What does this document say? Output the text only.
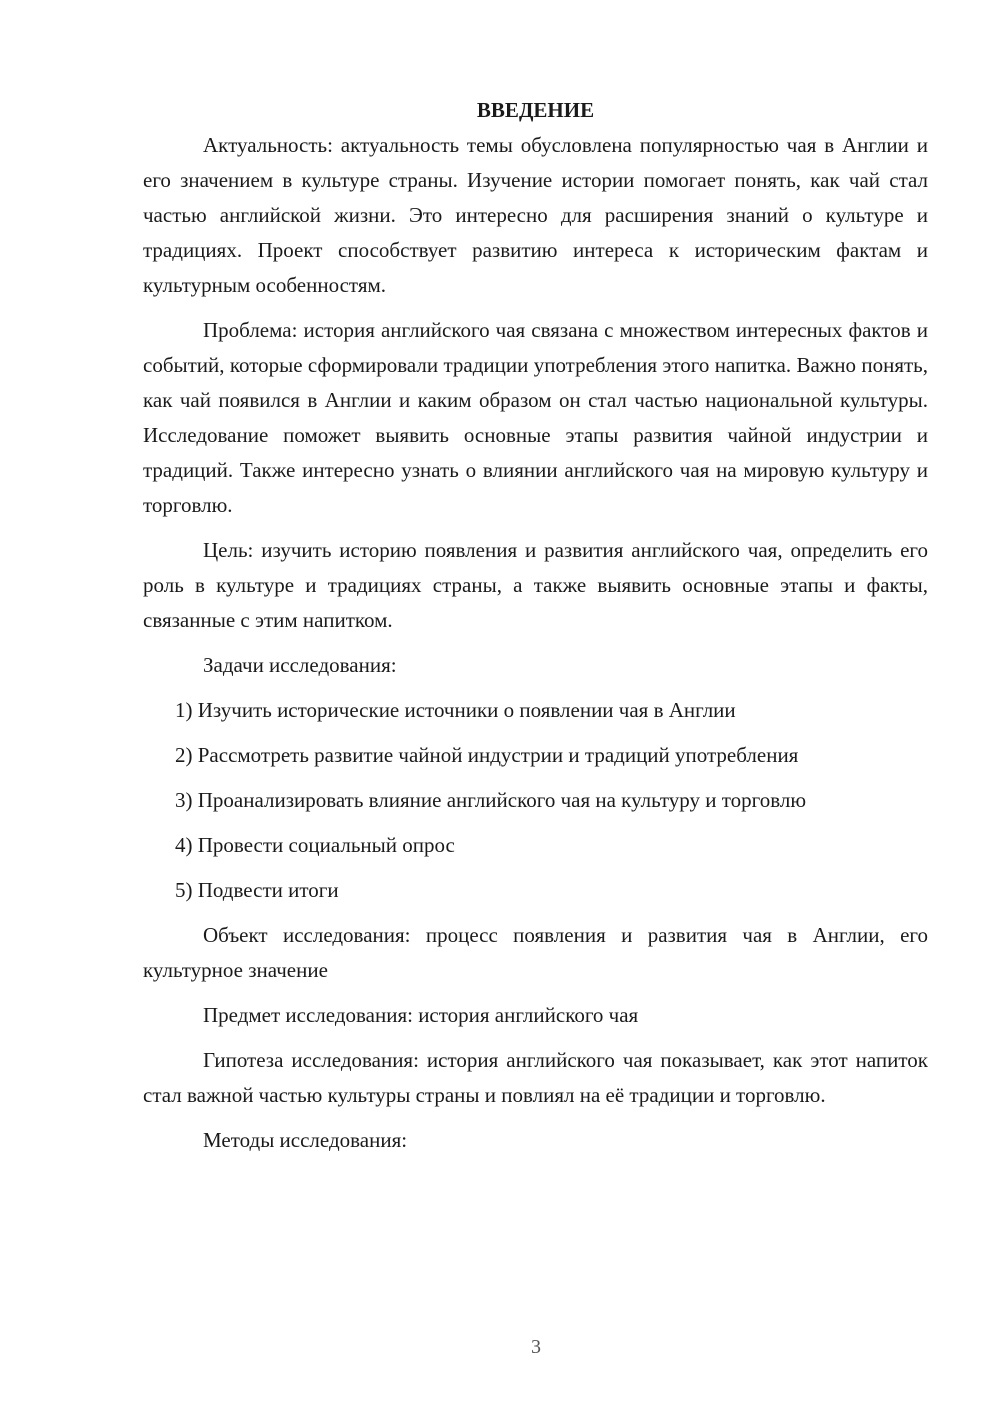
ВВЕДЕНИЕ

Актуальность: актуальность темы обусловлена популярностью чая в Англии и его значением в культуре страны. Изучение истории помогает понять, как чай стал частью английской жизни. Это интересно для расширения знаний о культуре и традициях. Проект способствует развитию интереса к историческим фактам и культурным особенностям.

Проблема: история английского чая связана с множеством интересных фактов и событий, которые сформировали традиции употребления этого напитка. Важно понять, как чай появился в Англии и каким образом он стал частью национальной культуры. Исследование поможет выявить основные этапы развития чайной индустрии и традиций. Также интересно узнать о влиянии английского чая на мировую культуру и торговлю.

Цель: изучить историю появления и развития английского чая, определить его роль в культуре и традициях страны, а также выявить основные этапы и факты, связанные с этим напитком.

Задачи исследования:

1) Изучить исторические источники о появлении чая в Англии

2) Рассмотреть развитие чайной индустрии и традиций употребления

3) Проанализировать влияние английского чая на культуру и торговлю

4) Провести социальный опрос

5) Подвести итоги

Объект исследования: процесс появления и развития чая в Англии, его культурное значение

Предмет исследования: история английского чая

Гипотеза исследования: история английского чая показывает, как этот напиток стал важной частью культуры страны и повлиял на её традиции и торговлю.

Методы исследования:

3
